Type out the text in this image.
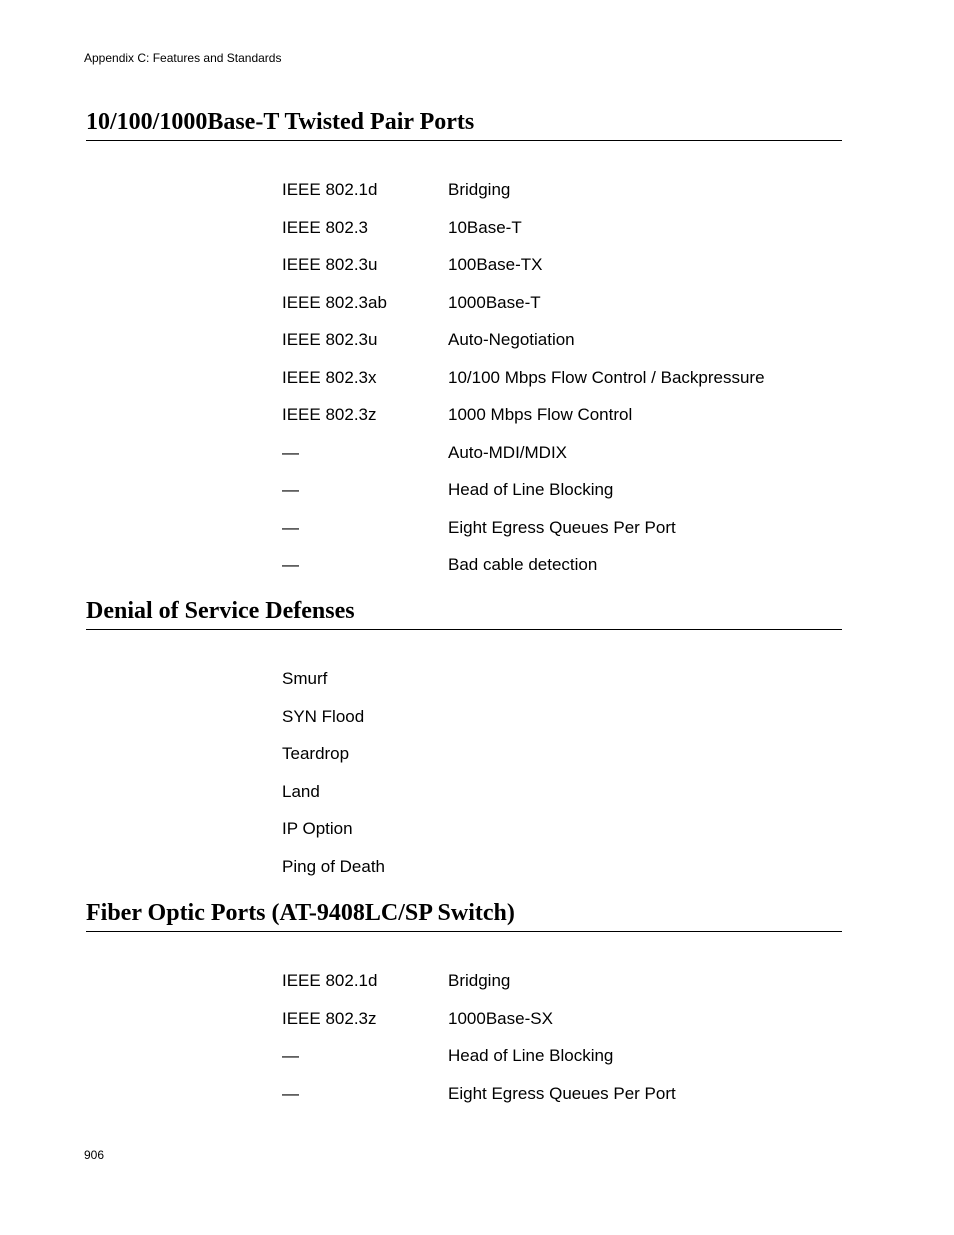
Appendix C: Features and Standards
10/100/1000Base-T Twisted Pair Ports
IEEE 802.1d	Bridging
IEEE 802.3	10Base-T
IEEE 802.3u	100Base-TX
IEEE 802.3ab	1000Base-T
IEEE 802.3u	Auto-Negotiation
IEEE 802.3x	10/100 Mbps Flow Control / Backpressure
IEEE 802.3z	1000 Mbps Flow Control
—	Auto-MDI/MDIX
—	Head of Line Blocking
—	Eight Egress Queues Per Port
—	Bad cable detection
Denial of Service Defenses
Smurf
SYN Flood
Teardrop
Land
IP Option
Ping of Death
Fiber Optic Ports (AT-9408LC/SP Switch)
IEEE 802.1d	Bridging
IEEE 802.3z	1000Base-SX
—	Head of Line Blocking
—	Eight Egress Queues Per Port
906
